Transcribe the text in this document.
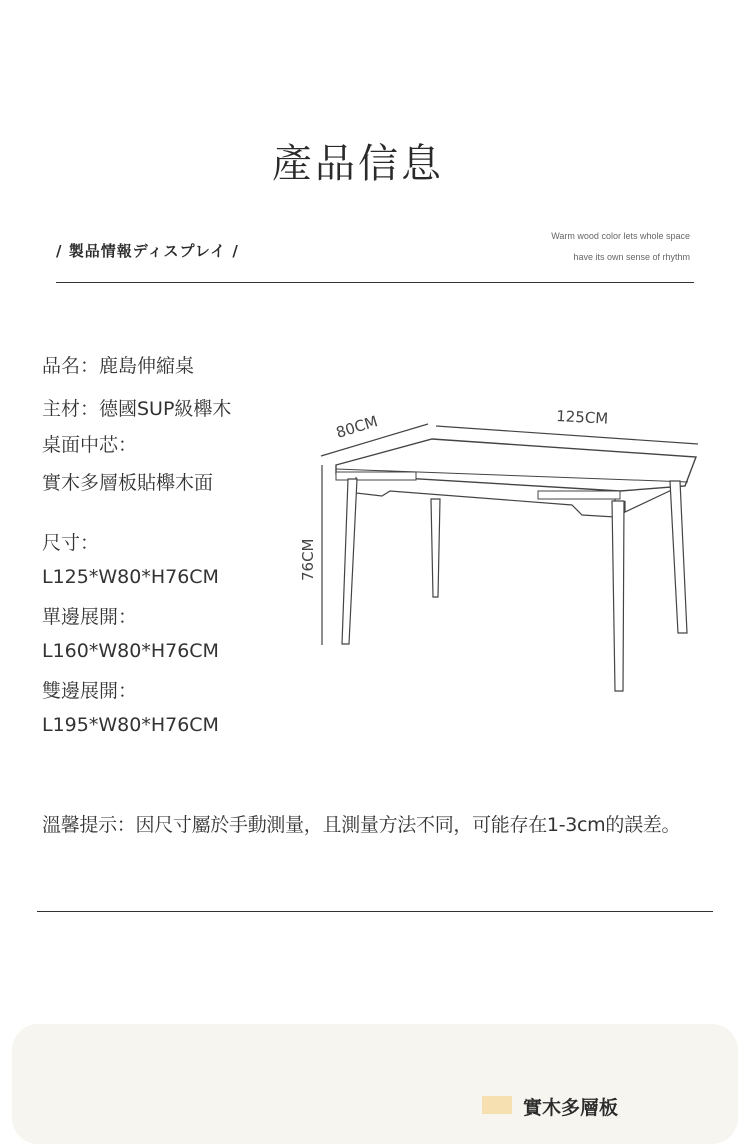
產品信息
/ 製品情報ディスプレイ /
Warm wood color lets whole space
have its own sense of rhythm
品名：鹿島伸縮桌
主材：德國SUP級櫸木
桌面中芯：
實木多層板貼櫸木面
尺寸：
L125*W80*H76CM
單邊展開：
L160*W80*H76CM
雙邊展開：
L195*W80*H76CM
80CM	125CM
76CM
溫馨提示：因尺寸屬於手動測量，且測量方法不同，可能存在1-3cm的誤差。
實木多層板
